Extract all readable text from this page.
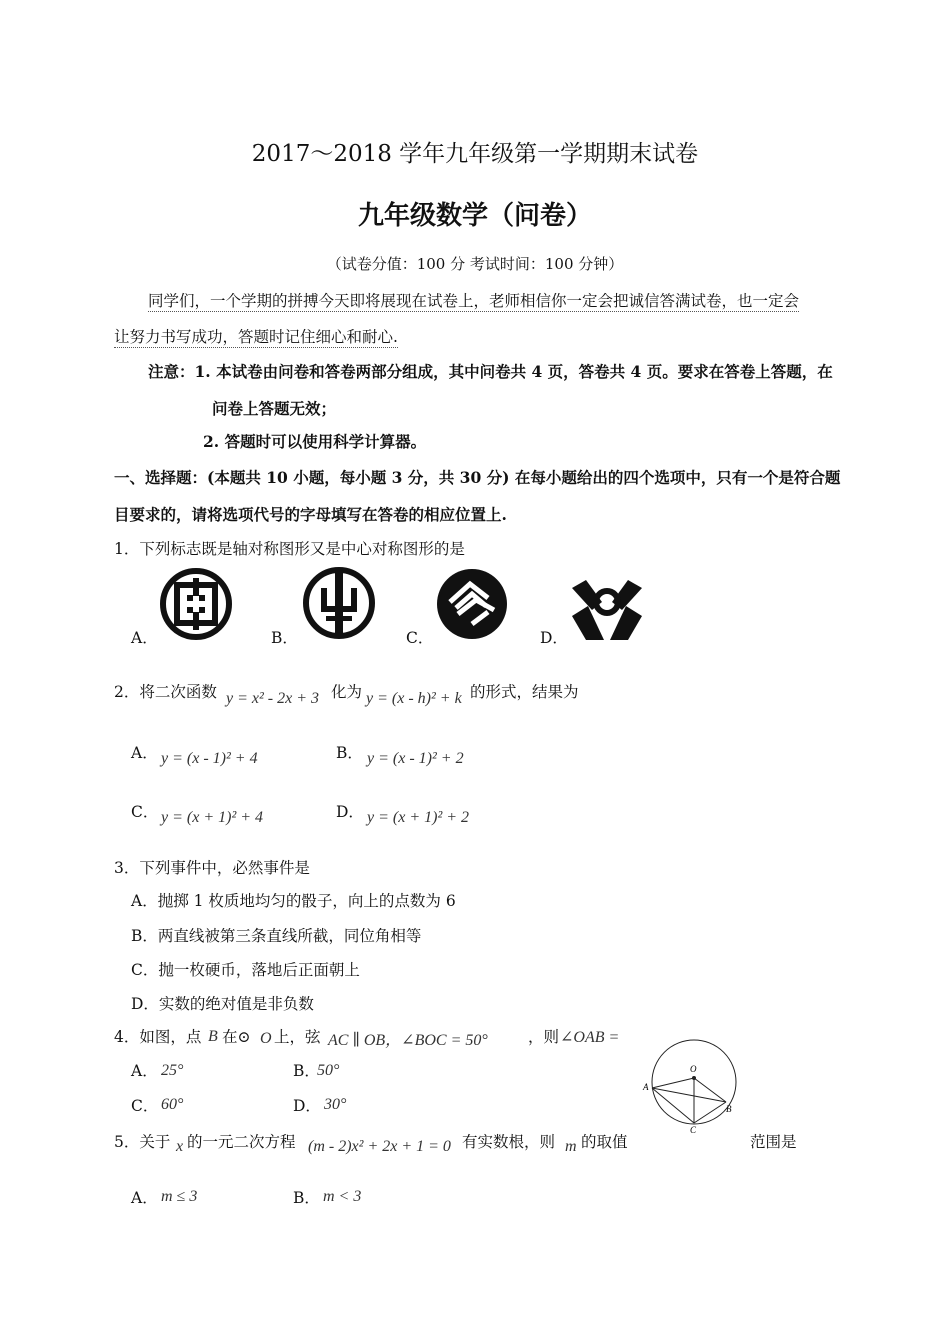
2017～2018 学年九年级第一学期期末试卷
九年级数学（问卷）
（试卷分值：100 分 考试时间：100 分钟）
同学们，一个学期的拼搏今天即将展现在试卷上，老师相信你一定会把诚信答满试卷，也一定会
让努力书写成功，答题时记住细心和耐心.
注意：1. 本试卷由问卷和答卷两部分组成，其中问卷共 4 页，答卷共 4 页。要求在答卷上答题，在
问卷上答题无效；
2. 答题时可以使用科学计算器。
一、选择题：(本题共 10 小题，每小题 3 分，共 30 分) 在每小题给出的四个选项中，只有一个是符合题
目要求的，请将选项代号的字母填写在答卷的相应位置上.
1．下列标志既是轴对称图形又是中心对称图形的是
A．	B．	C．	D．
2．将二次函数 y = x² - 2x + 3 化为 y = (x - h)² + k 的形式，结果为
A． y = (x - 1)² + 4	B． y = (x - 1)² + 2
C． y = (x + 1)² + 4	D． y = (x + 1)² + 2
3．下列事件中，必然事件是
A．抛掷 1 枚质地均匀的骰子，向上的点数为 6
B．两直线被第三条直线所截，同位角相等
C．抛一枚硬币，落地后正面朝上
D．实数的绝对值是非负数
4．如图，点 B 在⊙ O 上，弦 AC ∥ OB，∠BOC = 50°	，则 ∠OAB =
A． 25°	B．
50°
C． 60°	D． 30°
O
A
B
C
5．关于 x 的一元二次方程 (m - 2)x² + 2x + 1 = 0 有实数根，则 m 的取值	范围是
A． m ≤ 3	B． m < 3
